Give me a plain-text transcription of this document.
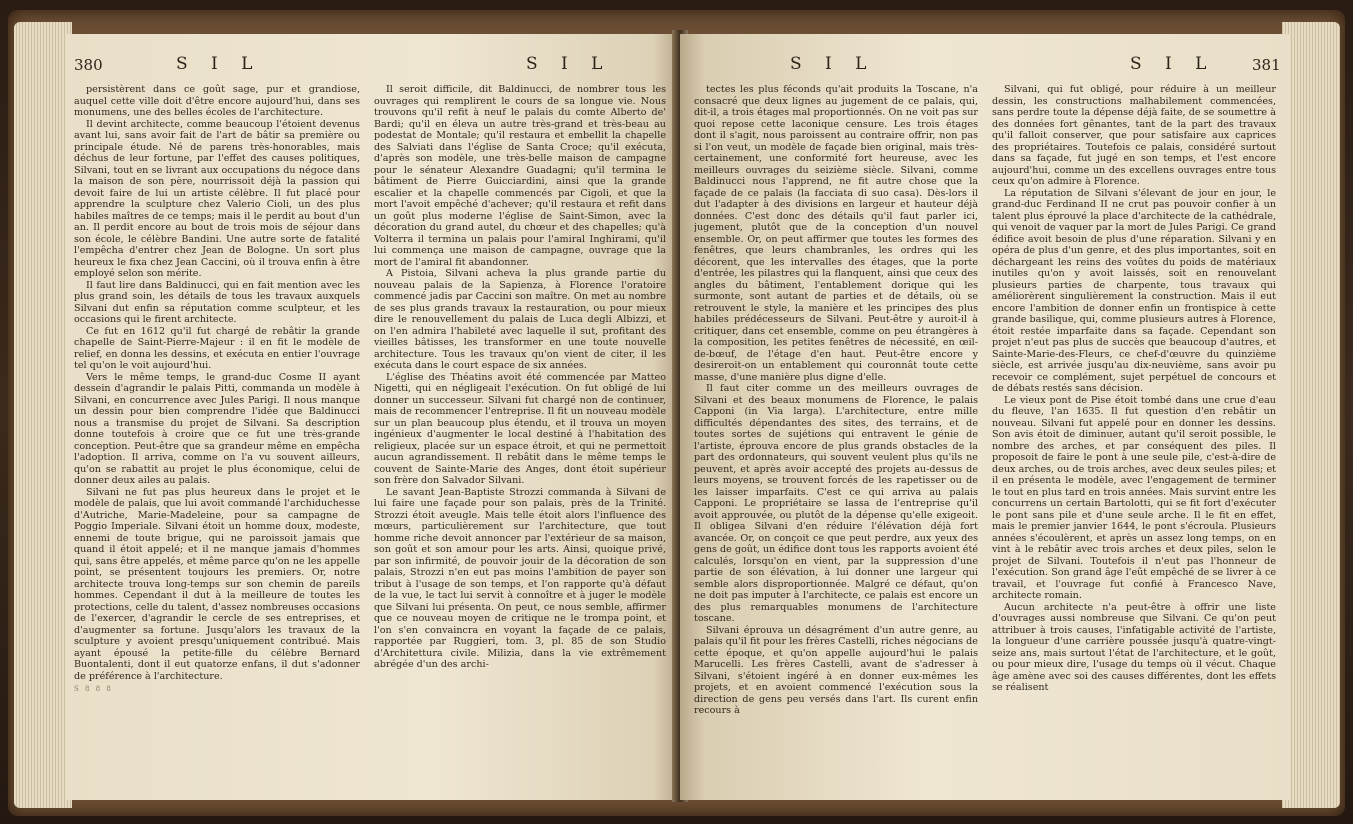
380	S I L	S I L

persistèrent dans ce goût sage, pur et grandiose, auquel cette ville doit d'être encore aujourd'hui, dans ses monumens, une des belles écoles de l'architecture.

Il devint architecte, comme beaucoup l'étoient devenus avant lui, sans avoir fait de l'art de bâtir sa première ou principale étude. Né de parens très-honorables, mais déchus de leur fortune, par l'effet des causes politiques, Silvani, tout en se livrant aux occupations du négoce dans la maison de son père, nourrissoit déjà la passion qui devoit faire de lui un artiste célèbre. Il fut placé pour apprendre la sculpture chez Valerio Cioli, un des plus habiles maîtres de ce temps; mais il le perdit au bout d'un an. Il perdit encore au bout de trois mois de séjour dans son école, le célèbre Bandini. Une autre sorte de fatalité l'empêcha d'entrer chez Jean de Bologne. Un sort plus heureux le fixa chez Jean Caccini, où il trouva enfin à être employé selon son mérite.

Il faut lire dans Baldinucci, qui en fait mention avec les plus grand soin, les détails de tous les travaux auxquels Silvani dut enfin sa réputation comme sculpteur, et les occasions qui le firent architecte.

Ce fut en 1612 qu'il fut chargé de rebâtir la grande chapelle de Saint-Pierre-Majeur : il en fit le modèle de relief, en donna les dessins, et exécuta en entier l'ouvrage tel qu'on le voit aujourd'hui.

Vers le même temps, le grand-duc Cosme II ayant dessein d'agrandir le palais Pitti, commanda un modèle à Silvani, en concurrence avec Jules Parigi. Il nous manque un dessin pour bien comprendre l'idée que Baldinucci nous a transmise du projet de Silvani. Sa description donne toutefois à croire que ce fut une très-grande conception. Peut-être que sa grandeur même en empêcha l'adoption. Il arriva, comme on l'a vu souvent ailleurs, qu'on se rabattit au projet le plus économique, celui de donner deux ailes au palais.

Silvani ne fut pas plus heureux dans le projet et le modèle de palais, que lui avoit commandé l'archiduchesse d'Autriche, Marie-Madeleine, pour sa campagne de Poggio Imperiale. Silvani étoit un homme doux, modeste, ennemi de toute brigue, qui ne paroissoit jamais que quand il étoit appelé; et il ne manque jamais d'hommes qui, sans être appelés, et même parce qu'on ne les appelle point, se présentent toujours les premiers. Or, notre architecte trouva long-temps sur son chemin de pareils hommes. Cependant il dut à la meilleure de toutes les protections, celle du talent, d'assez nombreuses occasions de l'exercer, d'agrandir le cercle de ses entreprises, et d'augmenter sa fortune. Jusqu'alors les travaux de la sculpture y avoient presqu'uniquement contribué. Mais ayant épousé la petite-fille du célèbre Bernard Buontalenti, dont il eut quatorze enfans, il dut s'adonner de préférence à l'architecture.

S 8 8 8

Il seroit difficile, dit Baldinucci, de nombrer tous les ouvrages qui remplirent le cours de sa longue vie. Nous trouvons qu'il refit à neuf le palais du comte Alberto de' Bardi; qu'il en éleva un autre très-grand et très-beau au podestat de Montale; qu'il restaura et embellit la chapelle des Salviati dans l'église de Santa Croce; qu'il exécuta, d'après son modèle, une très-belle maison de campagne pour le sénateur Alexandre Guadagni; qu'il termina le bâtiment de Pierre Guicciardini, ainsi que la grande escalier et la chapelle commencés par Cigoli, et que la mort l'avoit empêché d'achever; qu'il restaura et refit dans un goût plus moderne l'église de Saint-Simon, avec la décoration du grand autel, du chœur et des chapelles; qu'à Volterra il termina un palais pour l'amiral Inghirami, qu'il lui commença une maison de campagne, ouvrage que la mort de l'amiral fit abandonner.

A Pistoia, Silvani acheva la plus grande partie du nouveau palais de la Sapienza, à Florence l'oratoire commencé jadis par Caccini son maître. On met au nombre de ses plus grands travaux la restauration, ou pour mieux dire le renouvellement du palais de Luca degli Albizzi, et on l'en admira l'habileté avec laquelle il sut, profitant des vieilles bâtisses, les transformer en une toute nouvelle architecture. Tous les travaux qu'on vient de citer, il les exécuta dans le court espace de six années.

L'église des Théatins avoit été commencée par Matteo Nigetti, qui en négligeait l'exécution. On fut obligé de lui donner un successeur. Silvani fut chargé non de continuer, mais de recommencer l'entreprise. Il fit un nouveau modèle sur un plan beaucoup plus étendu, et il trouva un moyen ingénieux d'augmenter le local destiné à l'habitation des religieux, placée sur un espace étroit, et qui ne permettoit aucun agrandissement. Il rebâtit dans le même temps le couvent de Sainte-Marie des Anges, dont étoit supérieur son frère don Salvador Silvani.

Le savant Jean-Baptiste Strozzi commanda à Silvani de lui faire une façade pour son palais, près de la Trinité. Strozzi étoit aveugle. Mais telle étoit alors l'influence des mœurs, particulièrement sur l'architecture, que tout homme riche devoit annoncer par l'extérieur de sa maison, son goût et son amour pour les arts. Ainsi, quoique privé, par son infirmité, de pouvoir jouir de la décoration de son palais, Strozzi n'en eut pas moins l'ambition de payer son tribut à l'usage de son temps, et l'on rapporte qu'à défaut de la vue, le tact lui servit à connoître et à juger le modèle que Silvani lui présenta. On peut, ce nous semble, affirmer que ce nouveau moyen de critique ne le trompa point, et l'on s'en convaincra en voyant la façade de ce palais, rapportée par Ruggieri, tom. 3, pl. 85 de son Studio d'Architettura civile. Milizia, dans la vie extrêmement abrégée d'un des archi-

S I L	S I L 381

tectes les plus féconds qu'ait produits la Toscane, n'a consacré que deux lignes au jugement de ce palais, qui, dit-il, a trois étages mal proportionnés. On ne voit pas sur quoi repose cette laconique censure. Les trois étages dont il s'agit, nous paroissent au contraire offrir, non pas si l'on veut, un modèle de façade bien original, mais très-certainement, une conformité fort heureuse, avec les meilleurs ouvrages du seizième siècle. Silvani, comme Baldinucci nous l'apprend, ne fit autre chose que la façade de ce palais (la facciata di suo casa). Dès-lors il dut l'adapter à des divisions en largeur et hauteur déjà données. C'est donc des détails qu'il faut parler ici, jugement, plutôt que de la conception d'un nouvel ensemble. Or, on peut affirmer que toutes les formes des fenêtres, que leurs chambranles, les ordres qui les décorent, que les intervalles des étages, que la porte d'entrée, les pilastres qui la flanquent, ainsi que ceux des angles du bâtiment, l'entablement dorique qui les surmonte, sont autant de parties et de détails, où se retrouvent le style, la manière et les principes des plus habiles prédécesseurs de Silvani. Peut-être y auroit-il à critiquer, dans cet ensemble, comme on peu étrangères à la composition, les petites fenêtres de nécessité, en œil-de-bœuf, de l'étage d'en haut. Peut-être encore y desireroit-on un entablement qui couronnât toute cette masse, d'une manière plus digne d'elle.

Il faut citer comme un des meilleurs ouvrages de Silvani et des beaux monumens de Florence, le palais Capponi (in Via larga). L'architecture, entre mille difficultés dépendantes des sites, des terrains, et de toutes sortes de sujétions qui entravent le génie de l'artiste, éprouva encore de plus grands obstacles de la part des ordonnateurs, qui souvent veulent plus qu'ils ne peuvent, et après avoir accepté des projets au-dessus de leurs moyens, se trouvent forcés de les rapetisser ou de les laisser imparfaits. C'est ce qui arriva au palais Capponi. Le propriétaire se lassa de l'entreprise qu'il avoit approuvée, ou plutôt de la dépense qu'elle exigeoit. Il obligea Silvani d'en réduire l'élévation déjà fort avancée. Or, on conçoit ce que peut perdre, aux yeux des gens de goût, un édifice dont tous les rapports avoient été calculés, lorsqu'on en vient, par la suppression d'une partie de son élévation, à lui donner une largeur qui semble alors disproportionnée. Malgré ce défaut, qu'on ne doit pas imputer à l'architecte, ce palais est encore un des plus remarquables monumens de l'architecture toscane.

Silvani éprouva un désagrément d'un autre genre, au palais qu'il fit pour les frères Castelli, riches négocians de cette époque, et qu'on appelle aujourd'hui le palais Marucelli. Les frères Castelli, avant de s'adresser à Silvani, s'étoient ingéré à en donner eux-mêmes les projets, et en avoient commencé l'exécution sous la direction de gens peu versés dans l'art. Ils curent enfin recours à

Silvani, qui fut obligé, pour réduire à un meilleur dessin, les constructions malhabilement commencées, sans perdre toute la dépense déjà faite, de se soumettre à des données fort gênantes, tant de la part des travaux qu'il falloit conserver, que pour satisfaire aux caprices des propriétaires. Toutefois ce palais, considéré surtout dans sa façade, fut jugé en son temps, et l'est encore aujourd'hui, comme un des excellens ouvrages entre tous ceux qu'on admire à Florence.

La réputation de Silvani s'élevant de jour en jour, le grand-duc Ferdinand II ne crut pas pouvoir confier à un talent plus éprouvé la place d'architecte de la cathédrale, qui venoit de vaquer par la mort de Jules Parigi. Ce grand édifice avoit besoin de plus d'une réparation. Silvani y en opéra de plus d'un genre, et des plus importantes, soit en déchargeant les reins des voûtes du poids de matériaux inutiles qu'on y avoit laissés, soit en renouvelant plusieurs parties de charpente, tous travaux qui améliorèrent singulièrement la construction. Mais il eut encore l'ambition de donner enfin un frontispice à cette grande basilique, qui, comme plusieurs autres à Florence, étoit restée imparfaite dans sa façade. Cependant son projet n'eut pas plus de succès que beaucoup d'autres, et Sainte-Marie-des-Fleurs, ce chef-d'œuvre du quinzième siècle, est arrivée jusqu'au dix-neuvième, sans avoir pu recevoir ce complément, sujet perpétuel de concours et de débats restés sans décision.

Le vieux pont de Pise étoit tombé dans une crue d'eau du fleuve, l'an 1635. Il fut question d'en rebâtir un nouveau. Silvani fut appelé pour en donner les dessins. Son avis étoit de diminuer, autant qu'il seroit possible, le nombre des arches, et par conséquent des piles. Il proposoit de faire le pont à une seule pile, c'est-à-dire de deux arches, ou de trois arches, avec deux seules piles; et il en présenta le modèle, avec l'engagement de terminer le tout en plus tard en trois années. Mais survint entre les concurrens un certain Bartolotti, qui se fit fort d'exécuter le pont sans pile et d'une seule arche. Il le fit en effet, mais le premier janvier 1644, le pont s'écroula. Plusieurs années s'écoulèrent, et après un assez long temps, on en vint à le rebâtir avec trois arches et deux piles, selon le projet de Silvani. Toutefois il n'eut pas l'honneur de l'exécution. Son grand âge l'eût empêché de se livrer à ce travail, et l'ouvrage fut confié à Francesco Nave, architecte romain.

Aucun architecte n'a peut-être à offrir une liste d'ouvrages aussi nombreuse que Silvani. Ce qu'on peut attribuer à trois causes, l'infatigable activité de l'artiste, la longueur d'une carrière poussée jusqu'à quatre-vingt-seize ans, mais surtout l'état de l'architecture, et le goût, ou pour mieux dire, l'usage du temps où il vécut. Chaque âge amène avec soi des causes différentes, dont les effets se réalisent
